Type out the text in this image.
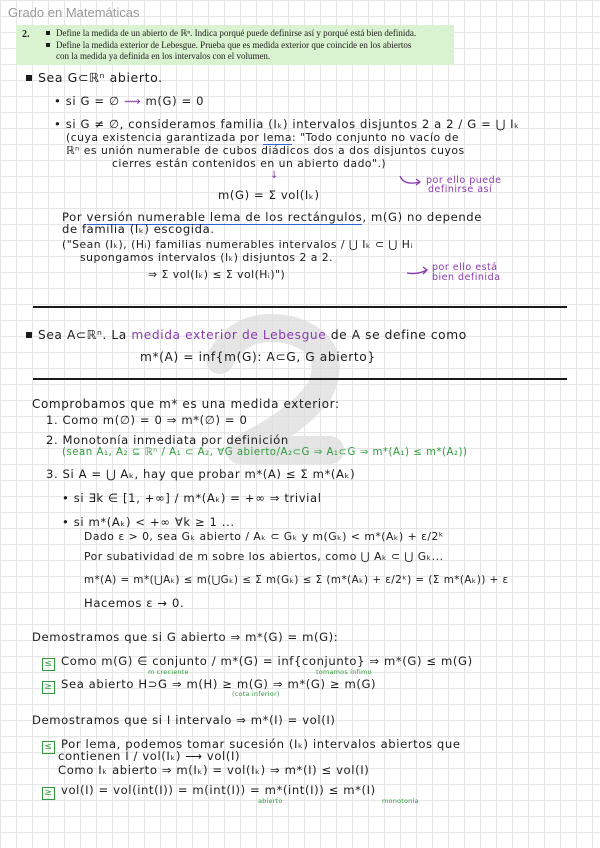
Grado en Matemáticas
2.	Define la medida de un abierto de ℝⁿ. Indica porqué puede definirse así y porqué está bien definida.
Define la medida exterior de Lebesgue. Prueba que es medida exterior que coincide en los abiertos
con la medida ya definida en los intervalos con el volumen.
Sea G⊂ℝⁿ abierto.
• si G = ∅ ⟿ m(G) = 0
• si G ≠ ∅, consideramos familia (Iₖ) intervalos disjuntos 2 a 2 / G = ⋃ Iₖ
(cuya existencia garantizada por lema: "Todo conjunto no vacío de
ℝⁿ es unión numerable de cubos diádicos dos a dos disjuntos cuyos
cierres están contenidos en un abierto dado".)
m(G) = Σ vol(Iₖ)
↓	por ello puede
definirse así
Por versión numerable lema de los rectángulos, m(G) no depende
de familia (Iₖ) escogida.
("Sean (Iₖ), (Hᵢ) familias numerables intervalos / ⋃ Iₖ ⊂ ⋃ Hᵢ
supongamos intervalos (Iₖ) disjuntos 2 a 2.
⇒ Σ vol(Iₖ) ≤ Σ vol(Hᵢ)")
por ello está
bien definida
Sea A⊂ℝⁿ. La medida exterior de Lebesgue de A se define como
m*(A) = inf{m(G): A⊂G, G abierto}
Comprobamos que m* es una medida exterior:
1. Como m(∅) = 0 ⇒ m*(∅) = 0
2. Monotonía inmediata por definición
(sean A₁, A₂ ⊆ ℝⁿ / A₁ ⊂ A₂, ∀G abierto/A₂⊂G ⇒ A₁⊂G ⇒ m*(A₁) ≤ m*(A₂))
3. Si A = ⋃ Aₖ, hay que probar m*(A) ≤ Σ m*(Aₖ)
• si ∃k ∈ [1, +∞] / m*(Aₖ) = +∞ ⇒ trivial
• si m*(Aₖ) < +∞ ∀k ≥ 1 ...
Dado ε > 0, sea Gₖ abierto / Aₖ ⊂ Gₖ y m(Gₖ) < m*(Aₖ) + ε/2ᵏ
Por subatividad de m sobre los abiertos, como ⋃ Aₖ ⊂ ⋃ Gₖ...
m*(A) = m*(⋃Aₖ) ≤ m(⋃Gₖ) ≤ Σ m(Gₖ) ≤ Σ (m*(Aₖ) + ε/2ᵏ) = (Σ m*(Aₖ)) + ε
Hacemos ε → 0.
Demostramos que si G abierto ⇒ m*(G) = m(G):
≤ Como m(G) ∈ conjunto / m*(G) = inf{conjunto} ⇒ m*(G) ≤ m(G)
m creciente	tomamos ínfimo
≥ Sea abierto H⊃G ⇒ m(H) ≥ m(G) ⇒ m*(G) ≥ m(G)
(cota inferior)
Demostramos que si I intervalo ⇒ m*(I) = vol(I)
≤ Por lema, podemos tomar sucesión (Iₖ) intervalos abiertos que
contienen I / vol(Iₖ) ⟶ vol(I)
Como Iₖ abierto ⇒ m(Iₖ) = vol(Iₖ) ⇒ m*(I) ≤ vol(I)
≥ vol(I) = vol(int(I)) = m(int(I)) = m*(int(I)) ≤ m*(I)
abierto	monotonía
